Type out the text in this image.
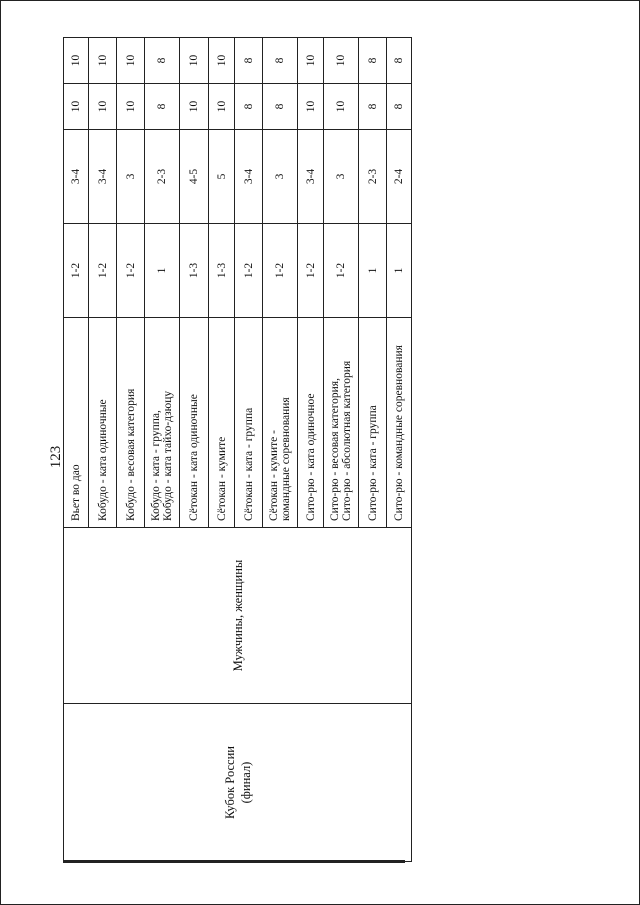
123
Кубок России (финал)	Мужчины, женщины	Вьет во дао	1-2	3-4	10	10

		Кобудо - ката одиночные	1-2	3-4	10	10

		Кобудо - весовая категория	1-2	3	10	10

		Кобудо - ката - группа, Кобудо - ката тайхо-дзюцу	1	2-3	8	8

		Сётокан - ката одиночные	1-3	4-5	10	10

		Сётокан - кумите	1-3	5	10	10

		Сётокан - ката - группа	1-2	3-4	8	8

		Сётокан - кумите - командные соревнования	1-2	3	8	8

		Сито-рю - ката одиночное	1-2	3-4	10	10

		Сито-рю - весовая категория, Сито-рю - абсолютная категория	1-2	3	10	10

		Сито-рю - ката - группа	1	2-3	8	8

		Сито-рю - командные соревнования	1	2-4	8	8
